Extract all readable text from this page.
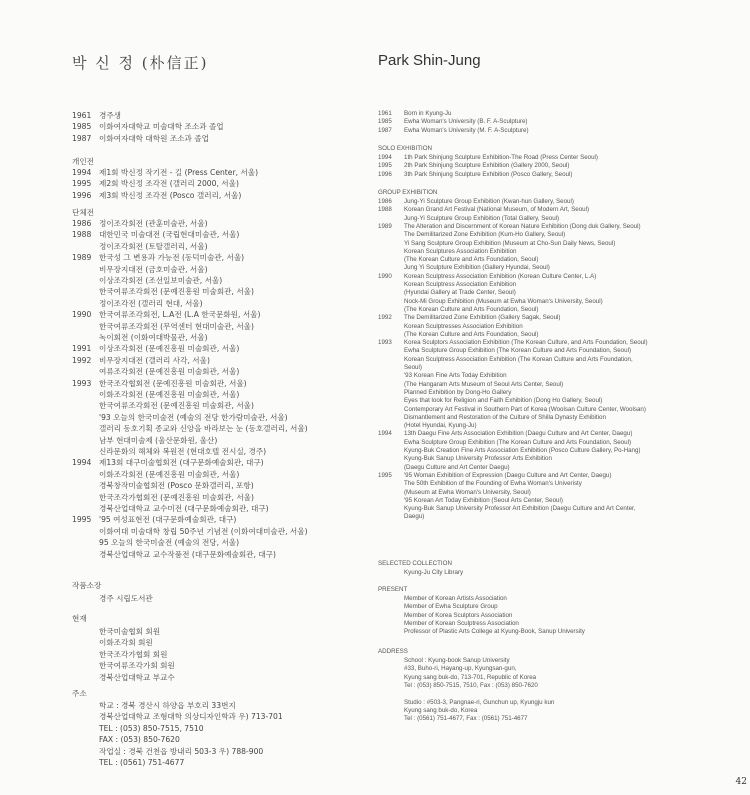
박 신 정 (朴信正)	Park Shin-Jung
1961 경주생
1985 이화여자대학교 미술대학 조소과 졸업
1987 이화여자대학 대학원 조소과 졸업
개인전
1994 제1회 박신정 작기전 - 길 (Press Center, 서울)
1995 제2회 박신정 조각전 (갤러리 2000, 서울)
1996 제3회 박신정 조각전 (Posco 갤러리, 서울)
단체전
1986 정이조각회전 (관훈미술관, 서울)
1988 대한민국 미술대전 (국립현대미술관, 서울)
정이조각회전 (토탈갤러리, 서울)
1989 한국성 그 변용과 가능전 (동덕미술관, 서울)
비무장지대전 (금호미술관, 서울)
이상조각회전 (조선일보미술관, 서울)
한국여류조각회전 (문예진흥원 미술회관, 서울)
정이조각전 (갤러리 현대, 서울)
1990 한국여류조각회전, L.A전 (L.A 한국문화원, 서울)
한국여류조각회전 (무역센터 현대미술관, 서울)
녹이회전 (이화여대박물관, 서울)
1991 이상조각회전 (문예진흥원 미술회관, 서울)
1992 비무장지대전 (갤러리 사각, 서울)
여류조각회전 (문예진흥원 미술회관, 서울)
1993 한국조각협회전 (문예진흥원 미술회관, 서울)
이화조각회전 (문예진흥원 미술회관, 서울)
한국여류조각회전 (문예진흥원 미술회관, 서울)
'93 오늘의 한국미술전 (예술의 전당 한가람미술관, 서울)
갤러리 동호기획 종교와 신앙을 바라보는 눈 (동호갤러리, 서울)
남부 현대미술제 (울산문화원, 울산)
신라문화의 해체와 복원전 (현대호텔 전시실, 경주)
1994 제13회 대구미술협회전 (대구문화예술회관, 대구)
이화조각회전 (문예진흥원 미술회관, 서울)
경북창작미술협회전 (Posco 문화갤러리, 포항)
한국조각가협회전 (문예진흥원 미술회관, 서울)
경북산업대학교 교수미전 (대구문화예술회관, 대구)
1995 '95 여성표현전 (대구문화예술회관, 대구)
이화여대 미술대학 창립 50주년 기념전 (이화여대미술관, 서울)
95 오늘의 한국미술전 (예술의 전당, 서울)
경북산업대학교 교수작품전 (대구문화예술회관, 대구)
작품소장
경주 시립도서관
현재
한국미술협회 회원
이화조각회 회원
한국조각가협회 회원
한국여류조각가회 회원
경북산업대학교 부교수
주소
학교 : 경북 경산시 하양읍 부호리 33번지
경북산업대학교 조형대학 의상디자인학과 우) 713-701
TEL : (053) 850-7515, 7510
FAX : (053) 850-7620
작업실 : 경북 건천읍 방내리 503-3 우) 788-900
TEL : (0561) 751-4677
1961 Born in Kyung-Ju
1985 Ewha Woman's University (B. F. A-Sculpture)
1987 Ewha Woman's University (M. F. A-Sculpture)
SOLO EXHIBITION
1994 1th Park Shinjung Sculpture Exhibition-The Road (Press Center Seoul)
1995 2th Park Shinjung Sculpture Exhibition (Gallery 2000, Seoul)
1996 3th Park Shinjung Sculpture Exhibition (Posco Gallery, Seoul)
GROUP EXHIBITION
1986 Jung-Yi Sculpture Group Exhibition (Kwan-hun Gallery, Seoul)
1988 Korean Grand Art Festival (National Museum, of Modern Art, Seoul)
Jung-Yi Sculpture Group Exhibition (Total Gallery, Seoul)
1989 The Alteration and Discernment of Korean Nature Exhibition (Dong duk Gallery, Seoul)
The Demilitarized Zone Exhibition (Kum-Ho Gallery, Seoul)
Yi Sang Sculpture Group Exhibition (Museum at Cho-Sun Daily News, Seoul)
Korean Sculptures Association Exhibition
(The Korean Culture and Arts Foundation, Seoul)
Jung Yi Sculpture Exhibition (Gallery Hyundai, Seoul)
1990 Korean Sculptress Association Exhibition (Korean Culture Center, L.A)
Korean Sculptress Association Exhibition
(Hyundai Gallery at Trade Center, Seoul)
Nock-Mi Group Exhibition (Museum at Ewha Woman's University, Seoul)
(The Korean Culture and Arts Foundation, Seoul)
1992 The Demilitarized Zone Exhibition (Gallery Sagak, Seoul)
Korean Sculptresses Association Exhibition
(The Korean Culture and Arts Foundation, Seoul)
1993 Korea Sculptors Association Exhibition (The Korean Culture, and Arts Foundation, Seoul)
Ewha Sculpture Group Exhibition (The Korean Culture and Arts Foundation, Seoul)
Korean Sculptress Association Exhibition (The Korean Culture and Arts Foundation,
Seoul)
'93 Korean Fine Arts Today Exhibition
(The Hangaram Arts Museum of Seoul Arts Center, Seoul)
Planned Exhibition by Dong-Ho Gallery
Eyes that look for Religion and Faith Exhibition (Dong Ho Gallery, Seoul)
Contemporary Art Festival in Southern Part of Korea (Woolsan Culture Center, Woolsan)
Dismantlement and Restoration of the Culture of Shilla Dynasty Exhibition
(Hotel Hyundai, Kyung-Ju)
1994 13th Daegu Fine Arts Association Exhibition (Daegu Culture and Art Center, Daegu)
Ewha Sculpture Group Exhibition (The Korean Culture and Arts Foundation, Seoul)
Kyung-Buk Creation Fine Arts Association Exhibition (Posco Culture Gallery, Po-Hang)
Kyung-Buk Sanup University Professor Arts Exhibition
(Daegu Culture and Art Center Daegu)
1995 '95 Woman Exhibition of Expression (Daegu Culture and Art Center, Daegu)
The 50th Exhibition of the Founding of Ewha Woman's Univeristy
(Museum at Ewha Woman's University, Seoul)
'95 Korean Art Today Exhibition (Seoul Arts Center, Seoul)
Kyung-Buk Sanup University Professor Art Exhibition (Daegu Culture and Art Center,
Daegu)
SELECTED COLLECTION
Kyung-Ju City Library
PRESENT
Member of Korean Artists Association
Member of Ewha Sculpture Group
Member of Korea Sculptors Association
Member of Korean Sculptress Association
Professor of Plastic Arts College at Kyung-Book, Sanup University
ADDRESS
School : Kyung-book Sanup University
#33, Buho-ri, Hayang-up, Kyungsan-gun,
Kyung sang buk-do, 713-701, Republic of Korea
Tel : (053) 850-7515, 7510, Fax : (053) 850-7620
Studio : #503-3, Pangnae-ri, Gunchun up, Kyungju kun
Kyung sang buk-do, Korea
Tel : (0561) 751-4677, Fax : (0561) 751-4677
42
